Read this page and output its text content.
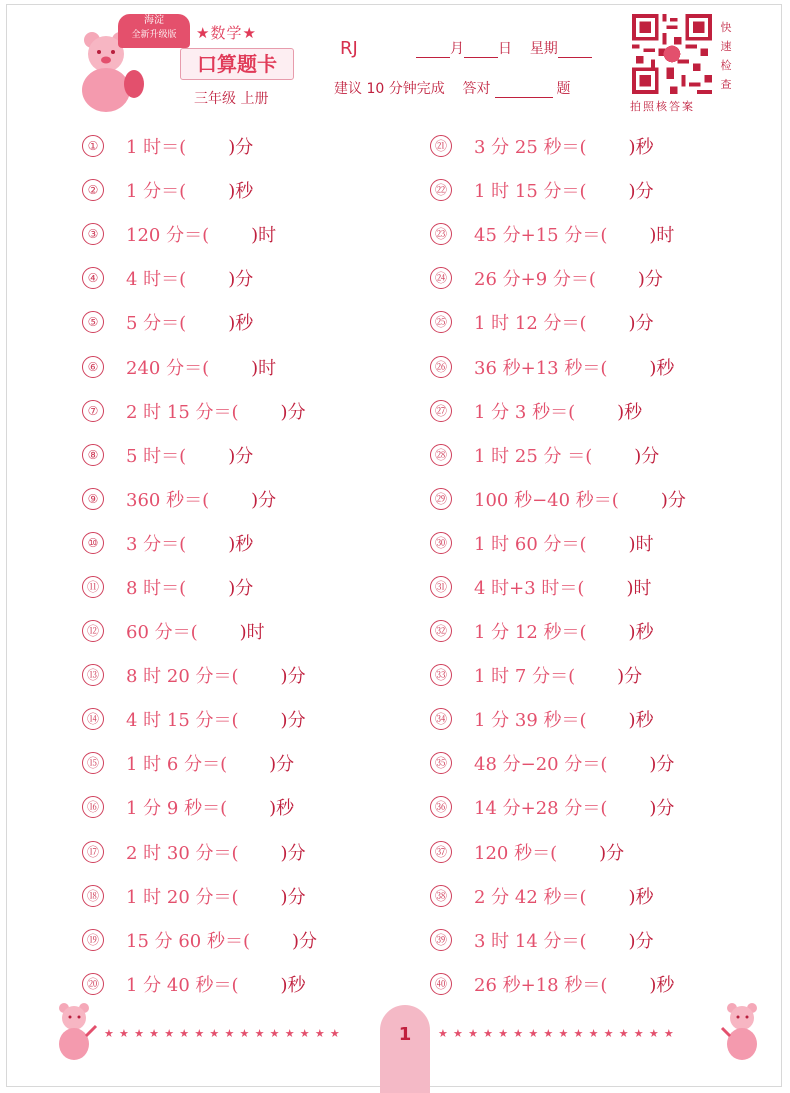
海淀
全新升级版	★数学★
口算题卡
三年级 上册
RJ	月 日 星期
建议 10 分钟完成 答对	题
快
速
检
查
拍照核答案
①	1 时＝( )分
②	1 分＝( )秒
③	120 分＝( )时
④	4 时＝( )分
⑤	5 分＝( )秒
⑥	240 分＝( )时
⑦	2 时 15 分＝( )分
⑧	5 时＝( )分
⑨	360 秒＝( )分
⑩	3 分＝( )秒
⑪ 8 时＝( )分
⑫ 60 分＝( )时
⑬ 8 时 20 分＝( )分
⑭ 4 时 15 分＝( )分
⑮ 1 时 6 分＝( )分
⑯ 1 分 9 秒＝( )秒
⑰ 2 时 30 分＝( )分
⑱ 1 时 20 分＝( )分
⑲ 15 分 60 秒＝( )分
⑳ 1 分 40 秒＝( )秒
㉑ 3 分 25 秒＝( )秒
㉒ 1 时 15 分＝( )分
㉓ 45 分+15 分＝( )时
㉔ 26 分+9 分＝( )分
㉕ 1 时 12 分＝( )分
㉖ 36 秒+13 秒＝( )秒
㉗ 1 分 3 秒＝( )秒
㉘ 1 时 25 分 ＝( )分
㉙ 100 秒−40 秒＝( )分
㉚ 1 时 60 分＝( )时
㉛ 4 时+3 时＝( )时
㉜ 1 分 12 秒＝( )秒
㉝ 1 时 7 分＝( )分
㉞ 1 分 39 秒＝( )秒
㉟ 48 分−20 分＝( )分
㊱ 14 分+28 分＝( )分
㊲ 120 秒＝( )分
㊳ 2 分 42 秒＝( )秒
㊴ 3 时 14 分＝( )分
㊵ 26 秒+18 秒＝( )秒
★★★★★★★★★★★★★★★★	★★★★★★★★★★★★★★★★
1
